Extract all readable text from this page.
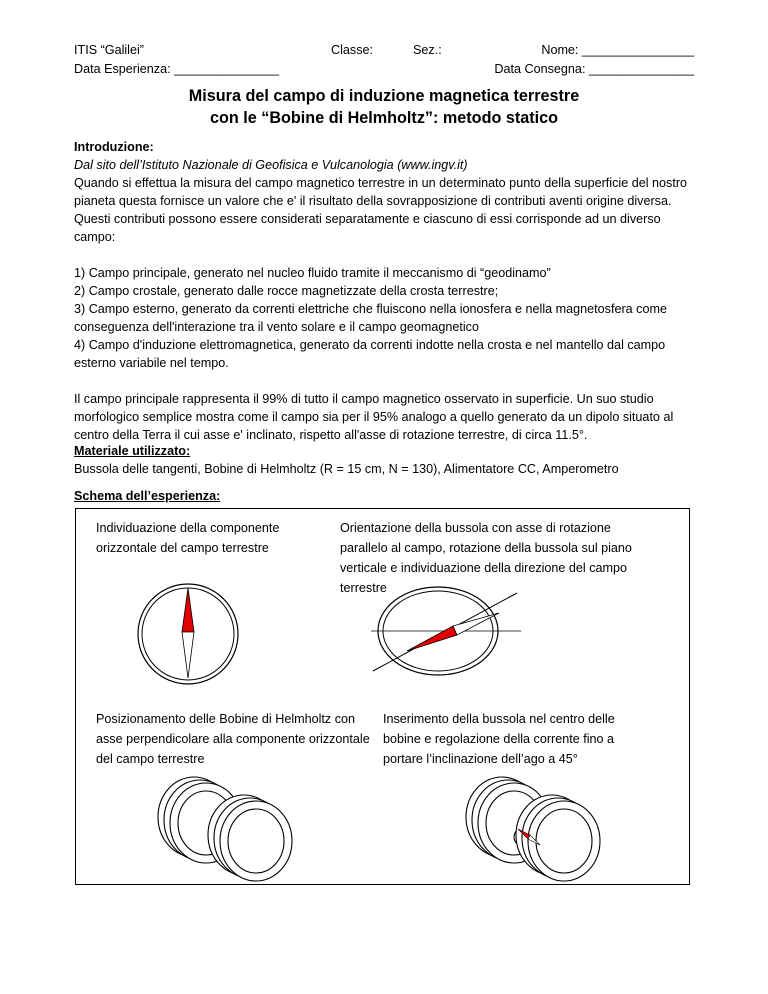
ITIS “Galilei”	Classe:	Sez.:	Nome: ________________
Data Esperienza: _______________	Data Consegna: _______________
Misura del campo di induzione magnetica terrestre
con le “Bobine di Helmholtz”: metodo statico

Introduzione:

Dal sito dell’Istituto Nazionale di Geofisica e Vulcanologia (www.ingv.it)

Quando si effettua la misura del campo magnetico terrestre in un determinato punto della superficie del nostro pianeta questa fornisce un valore che e' il risultato della sovrapposizione di contributi aventi origine diversa.

Questi contributi possono essere considerati separatamente e ciascuno di essi corrisponde ad un diverso campo:

1) Campo principale, generato nel nucleo fluido tramite il meccanismo di “geodinamo”

2) Campo crostale, generato dalle rocce magnetizzate della crosta terrestre;

3) Campo esterno, generato da correnti elettriche che fluiscono nella ionosfera e nella magnetosfera come conseguenza dell'interazione tra il vento solare e il campo geomagnetico

4) Campo d'induzione elettromagnetica, generato da correnti indotte nella crosta e nel mantello dal campo esterno variabile nel tempo.

Il campo principale rappresenta il 99% di tutto il campo magnetico osservato in superficie. Un suo studio morfologico semplice mostra come il campo sia per il 95% analogo a quello generato da un dipolo situato al centro della Terra il cui asse e' inclinato, rispetto all'asse di rotazione terrestre, di circa 11.5°.

Materiale utilizzato:

Bussola delle tangenti, Bobine di Helmholtz (R = 15 cm, N = 130), Alimentatore CC, Amperometro

Schema dell’esperienza:

Individuazione della componente orizzontale del campo terrestre
Orientazione della bussola con asse di rotazione parallelo al campo, rotazione della bussola sul piano verticale e individuazione della direzione del campo terrestre
Posizionamento delle Bobine di Helmholtz con asse perpendicolare alla componente orizzontale del campo terrestre
Inserimento della bussola nel centro delle bobine e regolazione della corrente fino a portare l’inclinazione dell’ago a 45°
